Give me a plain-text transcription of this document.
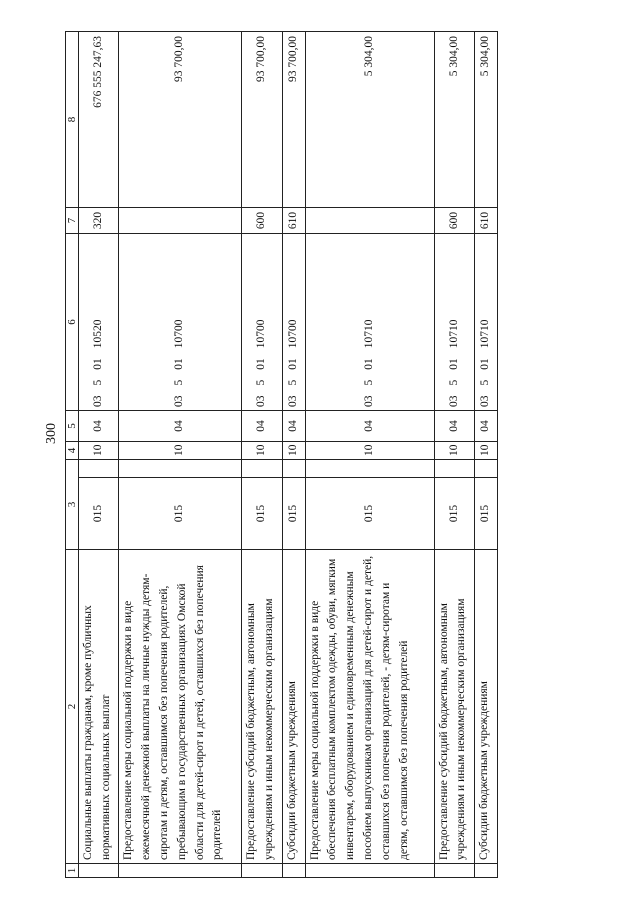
300
1	2	3		4	5	6	7	8
	Социальные выплаты гражданам, кроме публичных нормативных социальных выплат	015		10	04	0350110520	320	676 555 247,63
	Предоставление меры социальной поддержки в виде ежемесячной денежной выплаты на личные нужды детям-сиротам и детям, оставшимся без попечения родителей, пребывающим в государственных организациях Омской области для детей-сирот и детей, оставшихся без попечения родителей	015		10	04	0350110700		93 700,00
	Предоставление субсидий бюджетным, автономным учреждениям и иным некоммерческим организациям	015		10	04	0350110700	600	93 700,00
	Субсидии бюджетным учреждениям	015		10	04	0350110700	610	93 700,00
	Предоставление меры социальной поддержки в виде обеспечения бесплатным комплектом одежды, обуви, мягким инвентарем, оборудованием и единовременным денежным пособием выпускникам организаций для детей-сирот и детей, оставшихся без попечения родителей, - детям-сиротам и детям, оставшимся без попечения родителей	015		10	04	0350110710		5 304,00
	Предоставление субсидий бюджетным, автономным учреждениям и иным некоммерческим организациям	015		10	04	0350110710	600	5 304,00
	Субсидии бюджетным учреждениям	015		10	04	0350110710	610	5 304,00
